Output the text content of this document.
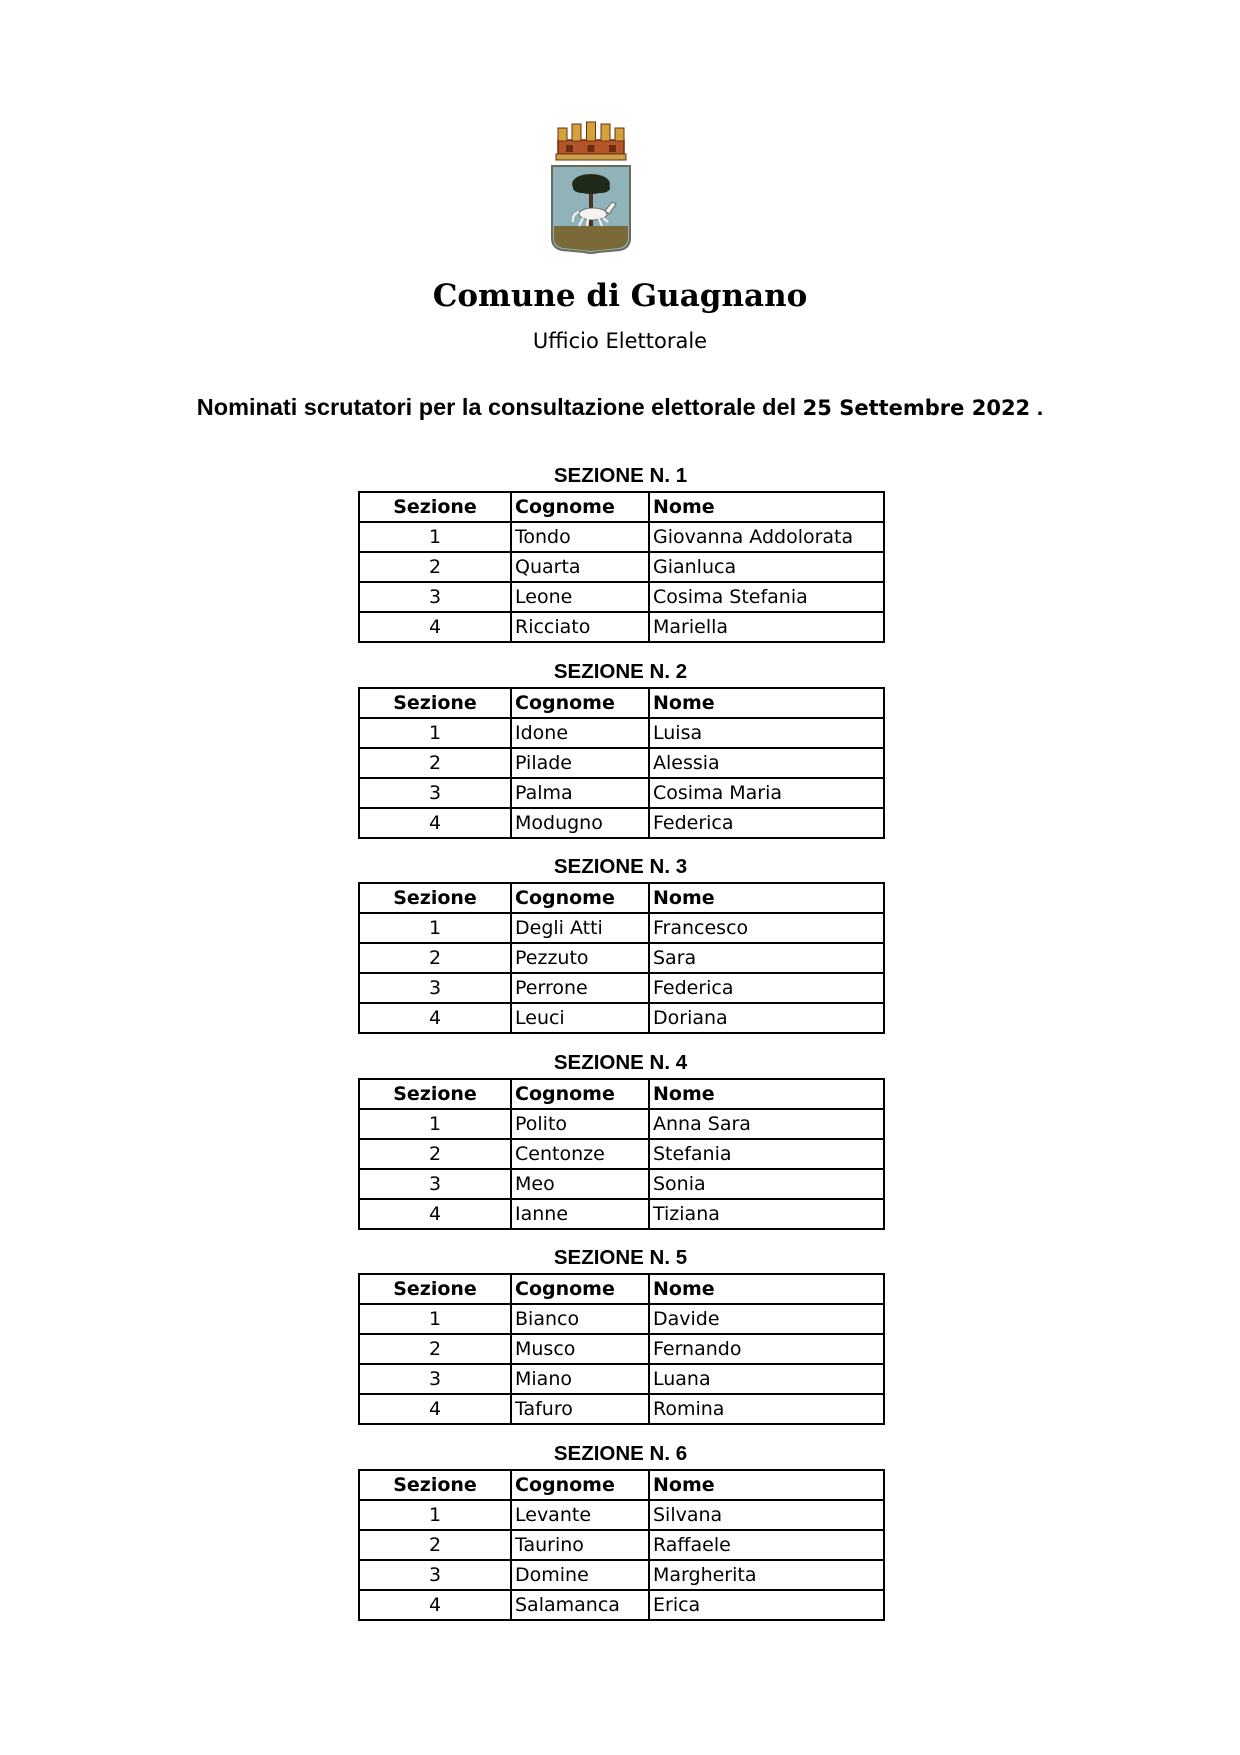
Comune di Guagnano
Ufficio Elettorale
Nominati scrutatori per la consultazione elettorale del 25 Settembre 2022 .
SEZIONE N. 1
Sezione	Cognome	Nome
1	Tondo	Giovanna Addolorata
2	Quarta	Gianluca
3	Leone	Cosima Stefania
4	Ricciato	Mariella
SEZIONE N. 2
Sezione	Cognome	Nome
1	Idone	Luisa
2	Pilade	Alessia
3	Palma	Cosima Maria
4	Modugno	Federica
SEZIONE N. 3
Sezione	Cognome	Nome
1	Degli Atti	Francesco
2	Pezzuto	Sara
3	Perrone	Federica
4	Leuci	Doriana
SEZIONE N. 4
Sezione	Cognome	Nome
1	Polito	Anna Sara
2	Centonze	Stefania
3	Meo	Sonia
4	Ianne	Tiziana
SEZIONE N. 5
Sezione	Cognome	Nome
1	Bianco	Davide
2	Musco	Fernando
3	Miano	Luana
4	Tafuro	Romina
SEZIONE N. 6
Sezione	Cognome	Nome
1	Levante	Silvana
2	Taurino	Raffaele
3	Domine	Margherita
4	Salamanca	Erica
